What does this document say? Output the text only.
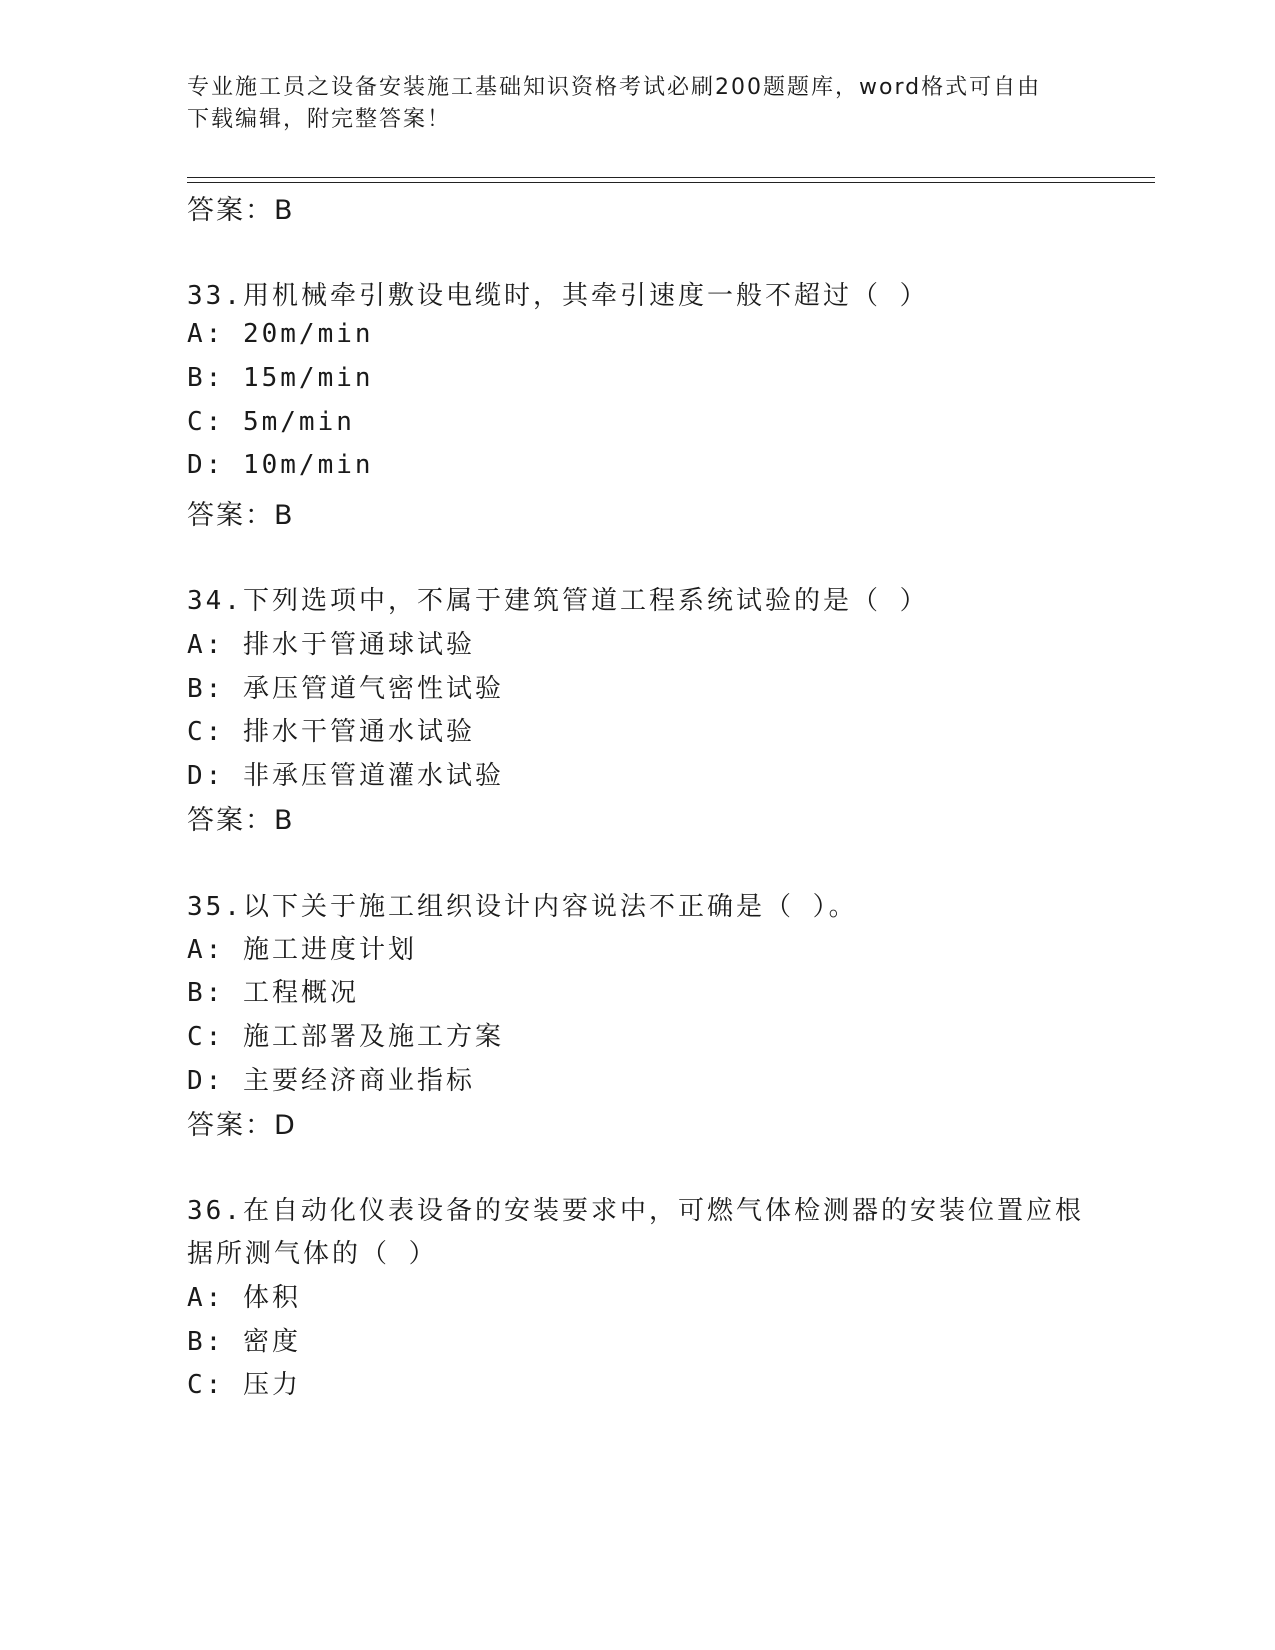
专业施工员之设备安装施工基础知识资格考试必刷200题题库，word格式可自由
下载编辑，附完整答案！
答案：B
33.用机械牵引敷设电缆时，其牵引速度一般不超过（ ）
A: 20m/min
B: 15m/min
C: 5m/min
D: 10m/min
答案：B
34.下列选项中，不属于建筑管道工程系统试验的是（ ）
A: 排水于管通球试验
B: 承压管道气密性试验
C: 排水干管通水试验
D: 非承压管道灌水试验
答案：B
35.以下关于施工组织设计内容说法不正确是（ ）。
A: 施工进度计划
B: 工程概况
C: 施工部署及施工方案
D: 主要经济商业指标
答案：D
36.在自动化仪表设备的安装要求中，可燃气体检测器的安装位置应根
据所测气体的（ ）
A: 体积
B: 密度
C: 压力
